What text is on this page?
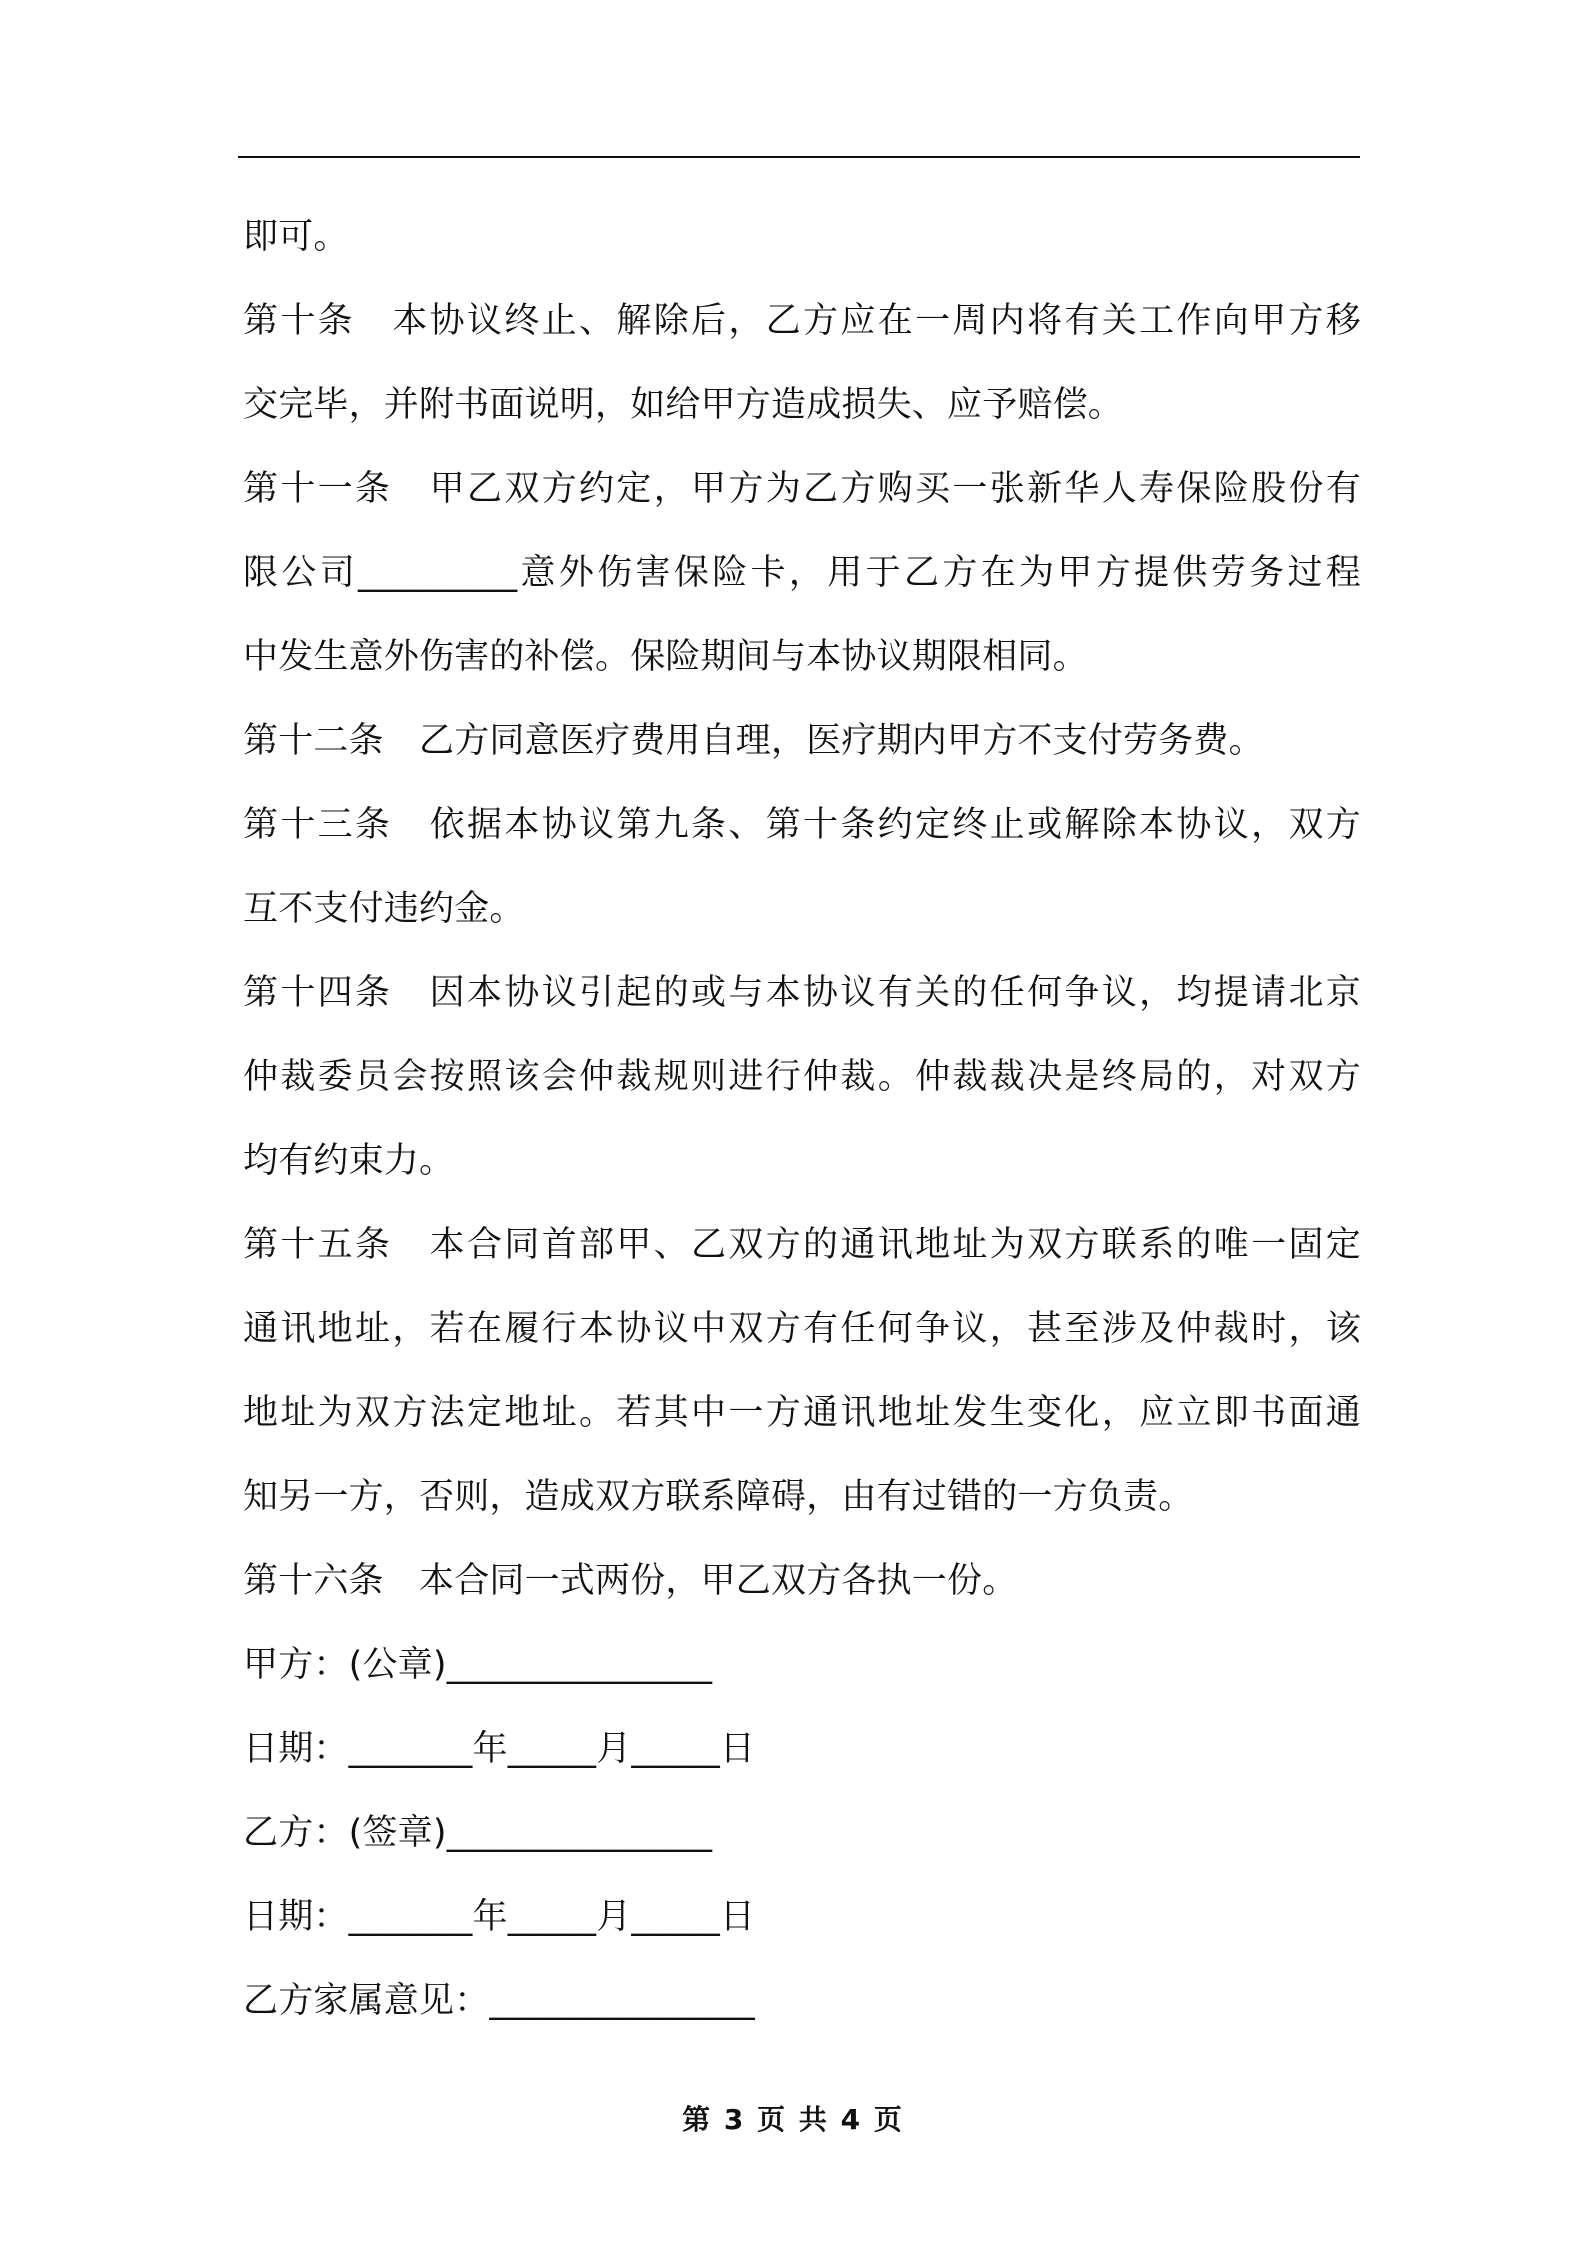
即可。
第十条　本协议终止、解除后，乙方应在一周内将有关工作向甲方移
交完毕，并附书面说明，如给甲方造成损失、应予赔偿。
第十一条　甲乙双方约定，甲方为乙方购买一张新华人寿保险股份有
限公司_________意外伤害保险卡，用于乙方在为甲方提供劳务过程
中发生意外伤害的补偿。保险期间与本协议期限相同。
第十二条　乙方同意医疗费用自理，医疗期内甲方不支付劳务费。
第十三条　依据本协议第九条、第十条约定终止或解除本协议，双方
互不支付违约金。
第十四条　因本协议引起的或与本协议有关的任何争议，均提请北京
仲裁委员会按照该会仲裁规则进行仲裁。仲裁裁决是终局的，对双方
均有约束力。
第十五条　本合同首部甲、乙双方的通讯地址为双方联系的唯一固定
通讯地址，若在履行本协议中双方有任何争议，甚至涉及仲裁时，该
地址为双方法定地址。若其中一方通讯地址发生变化，应立即书面通
知另一方，否则，造成双方联系障碍，由有过错的一方负责。
第十六条　本合同一式两份，甲乙双方各执一份。
甲方：(公章)_______________
日期：_______年_____月_____日
乙方：(签章)_______________
日期：_______年_____月_____日
乙方家属意见：_______________
第 3 页 共 4 页
